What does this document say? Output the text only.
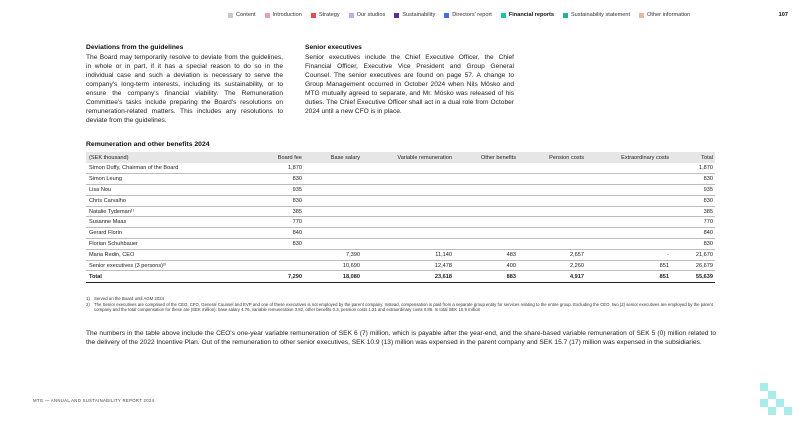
Content	Introduction	Strategy	Our studios	Sustainability	Directors' report	Financial reports	Sustainability statement	Other information	107
Deviations from the guidelines

The Board may temporarily resolve to deviate from the guidelines, in whole or in part, if it has a special reason to do so in the individual case and such a deviation is necessary to serve the company's long-term interests, including its sustainability, or to ensure the company's financial viability. The Remuneration Committee's tasks include preparing the Board's resolutions on remuneration-related matters. This includes any resolutions to deviate from the guidelines.

Senior executives

Senior executives include the Chief Executive Officer, the Chief Financial Officer, Executive Vice President and Group General Counsel. The senior executives are found on page 57. A change to Group Management occurred in October 2024 when Nils Mösko and MTG mutually agreed to separate, and Mr. Mösko was released of his duties. The Chief Executive Officer shall act in a dual role from October 2024 until a new CFO is in place.

Remuneration and other benefits 2024
(SEK thousand)	Board fee	Base salary	Variable remuneration	Other benefits	Pension costs	Extraordinary costs	Total
Simon Duffy, Chairman of the Board	1,870						1,870
Simon Leung	830						830
Lisa Nou	935						935
Chris Carvalho	830						830
Natalie Tydeman¹⁾	385						385
Susanne Maas	770						770
Gerard Florin	840						840
Florian Schuhbauer	830						830
Maria Redin, CEO		7,390	11,140	483	2,657	-	21,670
Senior executives (3 persons)²⁾		10,690	12,478	400	2,260	851	26,679
Total	7,290	18,080	23,618	883	4,917	851	55,639
1) Served on the Board until AGM 2024
2) The Senior executives are comprised of the CEO, CFO, General Counsel and EVP and one of these executives is not employed by the parent company. Instead, compensation is paid from a separate group entity for services relating to the entire group. Excluding the CEO, two (2) senior executives are employed by the parent company and the total compensation for these are (SEK million): base salary 4.76, variable remuneration 3.82, other benefits 0.3, pension costs 1.21 and extraordinary costs 0.85. In total SEK 10.9 million

The numbers in the table above include the CEO's one-year variable remuneration of SEK 6 (7) million, which is payable after the year-end, and the share-based variable remuneration of SEK 5 (0) million related to the delivery of the 2022 Incentive Plan. Out of the remuneration to other senior executives, SEK 10.9 (13) million was expensed in the parent company and SEK 15.7 (17) million was expensed in the subsidiaries.

MTG — ANNUAL AND SUSTAINABILITY REPORT 2024
